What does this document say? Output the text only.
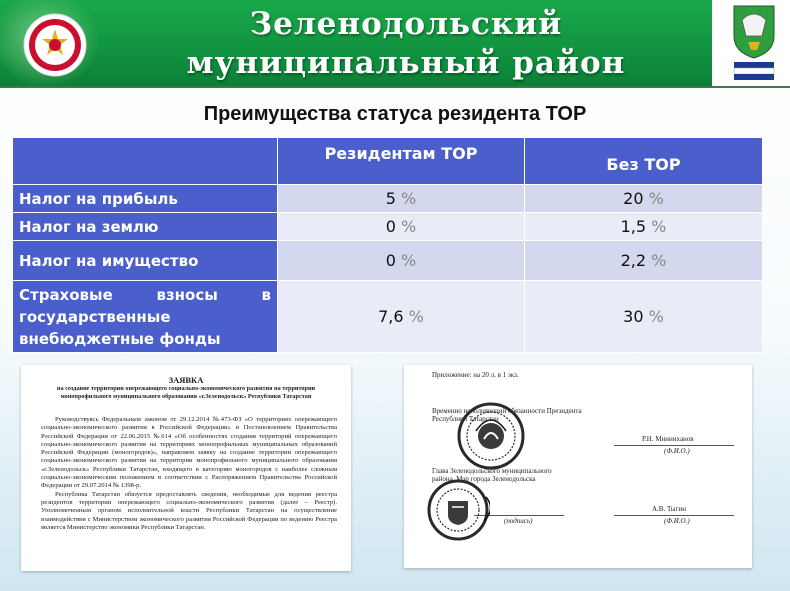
Зеленодольский муниципальный район
Преимущества статуса резидента ТОР
	Резидентам ТОР	Без ТОР
Налог на прибыль	5 %	20 %
Налог на землю	0 %	1,5 %
Налог на имущество	0 %	2,2 %
Страховые взносы в государственные внебюджетные фонды	7,6 %	30 %
ЗАЯВКА
на создание территории опережающего социально-экономического развития на территории монопрофильного муниципального образования «г.Зеленодольск» Республики Татарстан

Руководствуясь Федеральным законом от 29.12.2014 №473-ФЗ «О территориях опережающего социально-экономического развития в Российской Федерации» и Постановлением Правительства Российской Федерации от 22.06.2015 №614 «Об особенностях создания территорий опережающего социально-экономического развития на территориях монопрофильных муниципальных образований Российской Федерации (моногородов)», направляем заявку на создание территории опережающего социально-экономического развития на территории монопрофильного муниципального образования «г.Зеленодольск» Республики Татарстан, входящего в категорию моногородов с наиболее сложным социально-экономическим положением в соответствии с Распоряжением Правительства Российской Федерации от 29.07.2014 № 1398-р.

Республика Татарстан обязуется предоставлять сведения, необходимые для ведения реестра резидентов территории опережающего социально-экономического развития (далее – Реестр). Уполномоченным органом исполнительной власти Республики Татарстан на осуществление взаимодействия с Министерством экономического развития Российской Федерации по ведению Реестра является Министерство экономики Республики Татарстан.

Приложение: на 20 л. в 1 экз.
Временно исполняющий обязанности Президента Республики Татарстан
Р.Н. Минниханов
(Ф.И.О.)
Глава Зеленодольского муниципального района, Мэр города Зеленодольска
(подпись)
А.В. Тыгин
(Ф.И.О.)
